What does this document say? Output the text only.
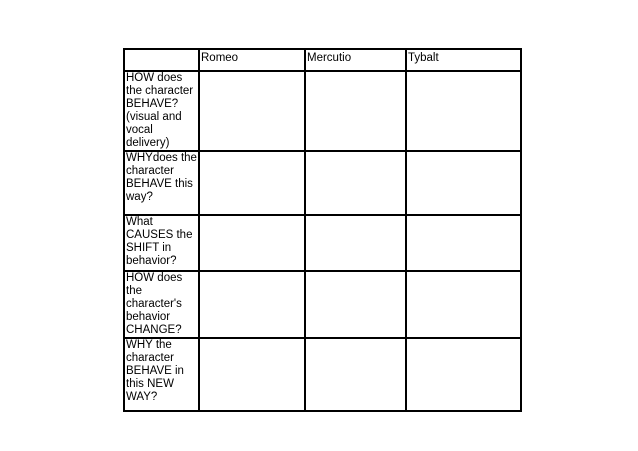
	Romeo	Mercutio	Tybalt
HOW does the character BEHAVE? (visual and vocal delivery)			
WHYdoes the character BEHAVE this way?			
What CAUSES the SHIFT in behavior?			
HOW does the character's behavior CHANGE?			
WHY the character BEHAVE in this NEW WAY?			
